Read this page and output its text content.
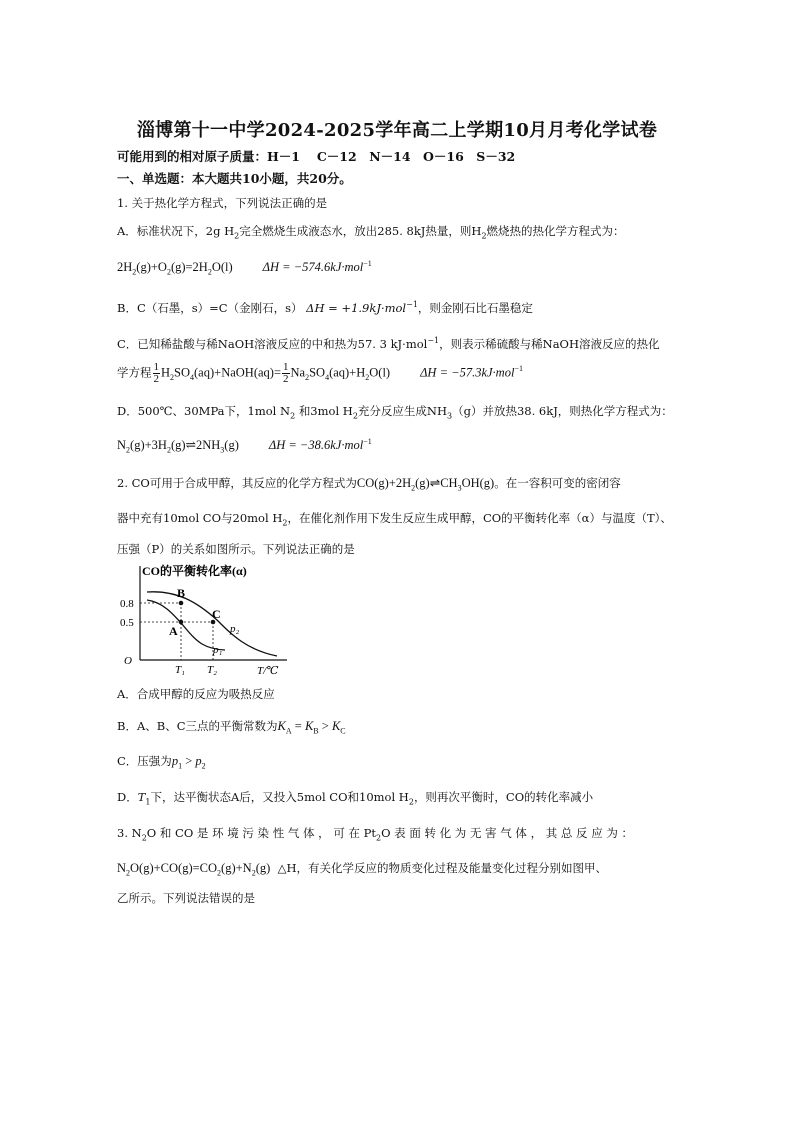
淄博第十一中学2024-2025学年高二上学期10月月考化学试卷
可能用到的相对原子质量：H－1　 C－12　N－14　O－16　S－32
一、单选题：本大题共10小题，共20分。
1. 关于热化学方程式，下列说法正确的是
A．标准状况下，2g $H_2$完全燃烧生成液态水，放出285. 8kJ热量，则$H_2$燃烧热的热化学方程式为：
$2H_2(g)+O_2(g)=2H_2O(l) \Delta H = -574.6kJ\cdot mol^{-1}$
B．C（石墨，s）=C（金刚石，s） ΔH = +1.9kJ·mol$^{-1}$，则金刚石比石墨稳定
C．已知稀盐酸与稀NaOH溶液反应的中和热为57. 3 kJ·mol$^{-1}$，则表示稀硫酸与稀NaOH溶液反应的热化
学方程 $\frac{1}{2}$ $H_2SO_4(aq)+NaOH(aq)= \frac{1}{2} Na_2SO_4(aq)+H_2O(l) \Delta H = -57.3kJ\cdot mol^{-1}$
D．500℃、30MPa下，1mol $N_2$ 和3mol $H_2$充分反应生成$NH_3(g)$并放热38. 6kJ，则热化学方程式为：
$N_2(g)+3H_2(g)\rightleftharpoons 2NH_3(g) \Delta H = -38.6kJ\cdot mol^{-1}$
2. CO可用于合成甲醇，其反应的化学方程式为$CO(g)+2H_2(g)\rightleftharpoons CH_3OH(g)$。在一容积可变的密闭容
器中充有10mol CO与20mol $H_2$，在催化剂作用下发生反应生成甲醇，CO的平衡转化率（α）与温度（T）、
压强（P）的关系如图所示。下列说法正确的是
CO的平衡转化率(α)
0.8
0.5
O
T/℃
A
B
C
p₁
p₂
T₁ T₂
A．合成甲醇的反应为吸热反应
B．A、B、C三点的平衡常数为$K_A = K_B > K_C$
C．压强为$p_1 > p_2$
D．$T_1$下，达平衡状态A后，又投入5mol CO和10mol $H_2$，则再次平衡时，CO的转化率减小
3. $N_2O$ 和 CO 是 环 境 污 染 性 气 体 ， 可 在 $Pt_2O$ 表 面 转 化 为 无 害 气 体 ， 其 总 反 应 为 ：
$N_2O(g)+CO(g)=CO_2(g)+N_2(g)$ △H，有关化学反应的物质变化过程及能量变化过程分别如图甲、
乙所示。下列说法错误的是
